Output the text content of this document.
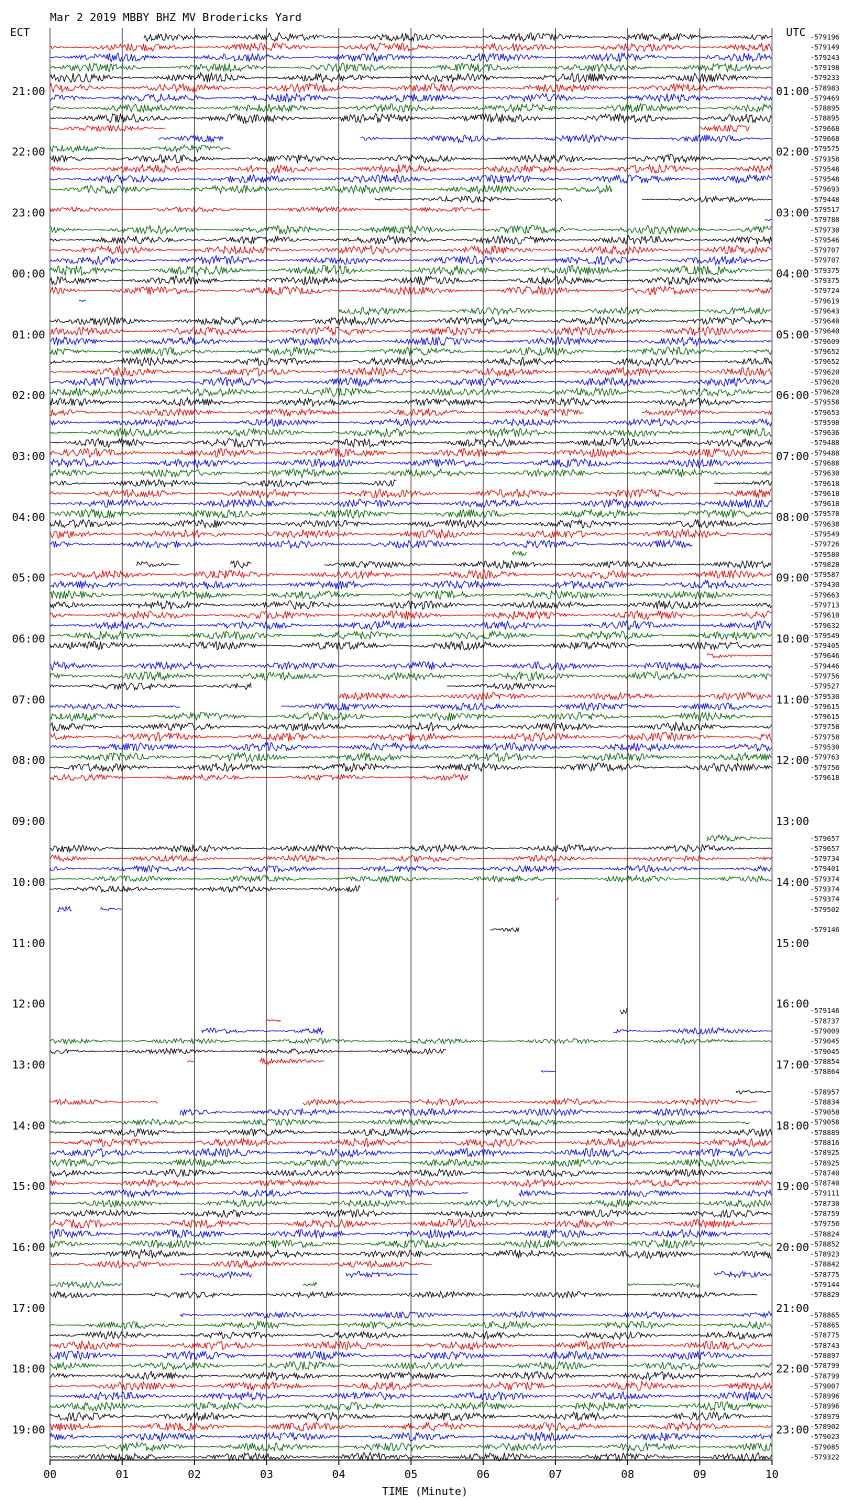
Mar 2 2019 MBBY BHZ MV Brodericks Yard
ECT	UTC
21:00	01:00
22:00	02:00
23:00	03:00
00:00	04:00
01:00	05:00
02:00	06:00
03:00	07:00
04:00	08:00
05:00	09:00
06:00	10:00
07:00	11:00
08:00	12:00
09:00	13:00
10:00	14:00
11:00	15:00
12:00	16:00
13:00	17:00
14:00	18:00
15:00	19:00
16:00	20:00
17:00	21:00
18:00	22:00
19:00	23:00
-579196
-579149
-579243
-579198
-579233
-578983
-579469
-578895
-578895
-579668
-579668
-579575
-579358
-579548
-579548
-579693
-579448
-579517
-579788
-579730
-579546
-579707
-579707
-579375
-579375
-579724
-579619
-579643
-579640
-579640
-579609
-579652
-579652
-579620
-579620
-579620
-579558
-579653
-579598
-579636
-579488
-579488
-579688
-579630
-579618
-579618
-579618
-579578
-579638
-579549
-579726
-579580
-579828
-579587
-579430
-579663
-579713
-579610
-579632
-579549
-579405
-579646
-579446
-579756
-579527
-579530
-579615
-579615
-579758
-579758
-579530
-579763
-579756
-579618
-579657
-579657
-579734
-579401
-579374
-579374
-579374
-579502
-579146
-579146
-578737
-579009
-579045
-579045
-578854
-578864
-578957
-578834
-579058
-579058
-578889
-578816
-578925
-578925
-578740
-578740
-579111
-578730
-578759
-579756
-578824
-578852
-578923
-578842
-578775
-579144
-578829
-578865
-578865
-578775
-578743
-578897
-578799
-578799
-579007
-578996
-578996
-578979
-578902
-579023
-579085
-579322
00	01	02	03	04	05	06	07	08	09	10
TIME (Minute)
